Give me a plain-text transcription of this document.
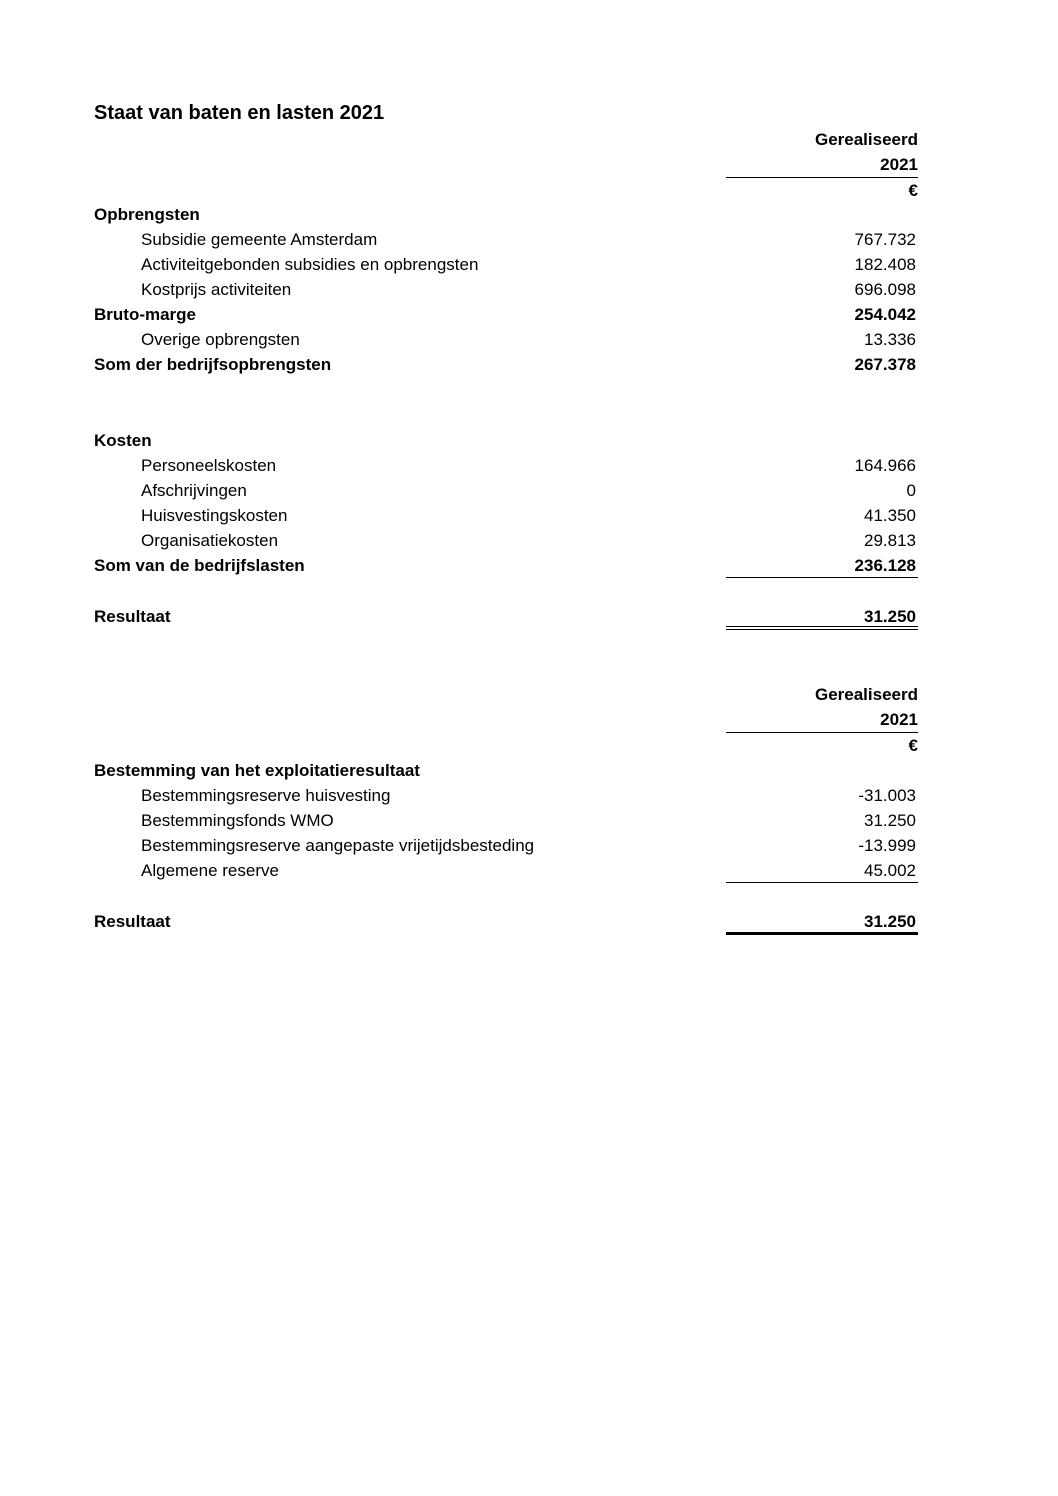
Staat van baten en lasten 2021
Gerealiseerd
2021
€
Opbrengsten
Subsidie gemeente Amsterdam	767.732
Activiteitgebonden subsidies en opbrengsten	182.408
Kostprijs activiteiten	696.098
Bruto-marge	254.042
Overige opbrengsten	13.336
Som der bedrijfsopbrengsten	267.378
Kosten
Personeelskosten	164.966
Afschrijvingen	0
Huisvestingskosten	41.350
Organisatiekosten	29.813
Som van de bedrijfslasten	236.128
Resultaat	31.250
Gerealiseerd
2021
€
Bestemming van het exploitatieresultaat
Bestemmingsreserve huisvesting	-31.003
Bestemmingsfonds WMO	31.250
Bestemmingsreserve aangepaste vrijetijdsbesteding	-13.999
Algemene reserve	45.002
Resultaat	31.250
